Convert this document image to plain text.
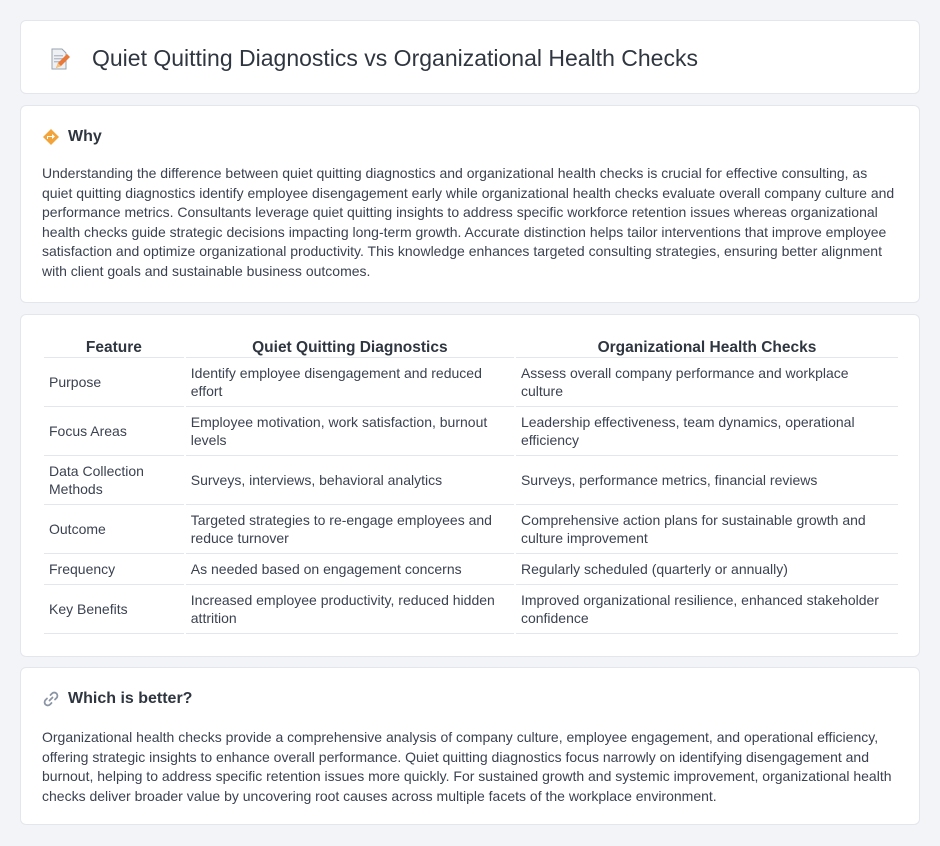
Quiet Quitting Diagnostics vs Organizational Health Checks
Why

Understanding the difference between quiet quitting diagnostics and organizational health checks is crucial for effective consulting, as quiet quitting diagnostics identify employee disengagement early while organizational health checks evaluate overall company culture and performance metrics. Consultants leverage quiet quitting insights to address specific workforce retention issues whereas organizational health checks guide strategic decisions impacting long-term growth. Accurate distinction helps tailor interventions that improve employee satisfaction and optimize organizational productivity. This knowledge enhances targeted consulting strategies, ensuring better alignment with client goals and sustainable business outcomes.

Feature	Quiet Quitting Diagnostics	Organizational Health Checks
Purpose	Identify employee disengagement and reduced effort	Assess overall company performance and workplace culture
Focus Areas	Employee motivation, work satisfaction, burnout levels	Leadership effectiveness, team dynamics, operational efficiency
Data Collection Methods	Surveys, interviews, behavioral analytics	Surveys, performance metrics, financial reviews
Outcome	Targeted strategies to re-engage employees and reduce turnover	Comprehensive action plans for sustainable growth and culture improvement
Frequency	As needed based on engagement concerns	Regularly scheduled (quarterly or annually)
Key Benefits	Increased employee productivity, reduced hidden attrition	Improved organizational resilience, enhanced stakeholder confidence
Which is better?

Organizational health checks provide a comprehensive analysis of company culture, employee engagement, and operational efficiency, offering strategic insights to enhance overall performance. Quiet quitting diagnostics focus narrowly on identifying disengagement and burnout, helping to address specific retention issues more quickly. For sustained growth and systemic improvement, organizational health checks deliver broader value by uncovering root causes across multiple facets of the workplace environment.
